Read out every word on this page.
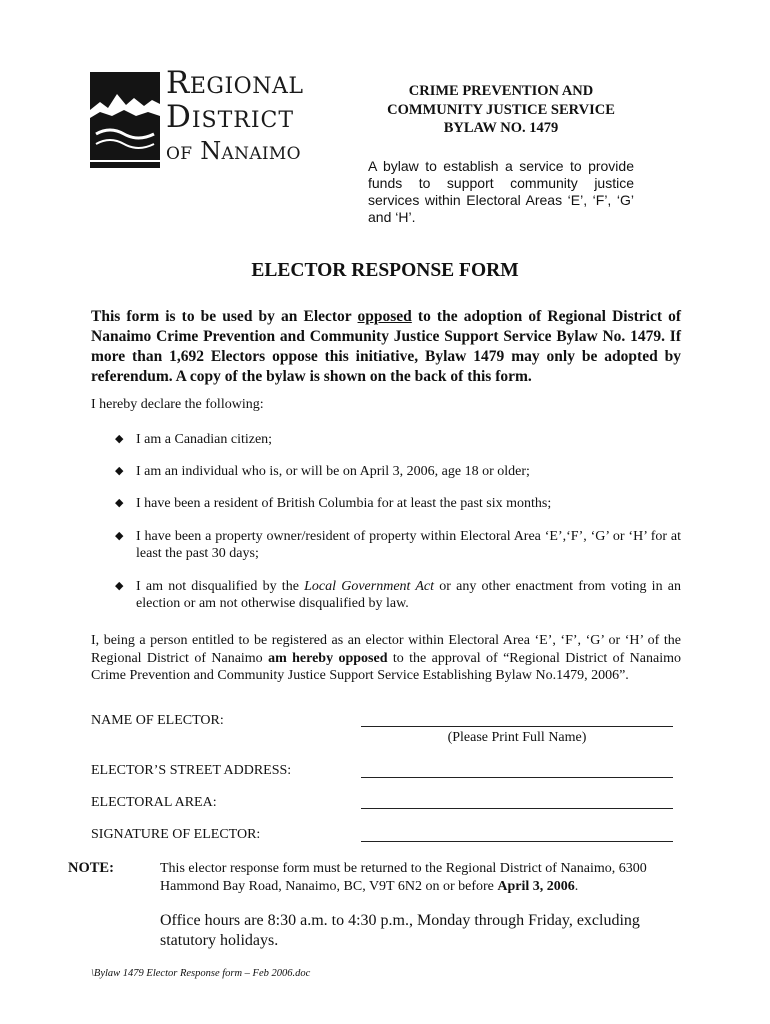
Regional
District
of Nanaimo
CRIME PREVENTION AND
COMMUNITY JUSTICE SERVICE
BYLAW NO. 1479
A bylaw to establish a service to provide funds to support community justice services within Electoral Areas ‘E’, ‘F’, ‘G’ and ‘H’.
ELECTOR RESPONSE FORM
This form is to be used by an Elector opposed to the adoption of Regional District of Nanaimo Crime Prevention and Community Justice Support Service Bylaw No. 1479. If more than 1,692 Electors oppose this initiative, Bylaw 1479 may only be adopted by referendum. A copy of the bylaw is shown on the back of this form.
I hereby declare the following:
◆ I am a Canadian citizen;
◆ I am an individual who is, or will be on April 3, 2006, age 18 or older;
◆ I have been a resident of British Columbia for at least the past six months;
◆ I have been a property owner/resident of property within Electoral Area ‘E’,‘F’, ‘G’ or ‘H’ for at least the past 30 days;
◆ I am not disqualified by the Local Government Act or any other enactment from voting in an election or am not otherwise disqualified by law.
I, being a person entitled to be registered as an elector within Electoral Area ‘E’, ‘F’, ‘G’ or ‘H’ of the Regional District of Nanaimo am hereby opposed to the approval of “Regional District of Nanaimo Crime Prevention and Community Justice Support Service Establishing Bylaw No.1479, 2006”.
NAME OF ELECTOR:
(Please Print Full Name)
ELECTOR’S STREET ADDRESS:
ELECTORAL AREA:
SIGNATURE OF ELECTOR:
NOTE:	This elector response form must be returned to the Regional District of Nanaimo, 6300 Hammond Bay Road, Nanaimo, BC, V9T 6N2 on or before April 3, 2006.
Office hours are 8:30 a.m. to 4:30 p.m., Monday through Friday, excluding statutory holidays.
\Bylaw 1479 Elector Response form – Feb 2006.doc
